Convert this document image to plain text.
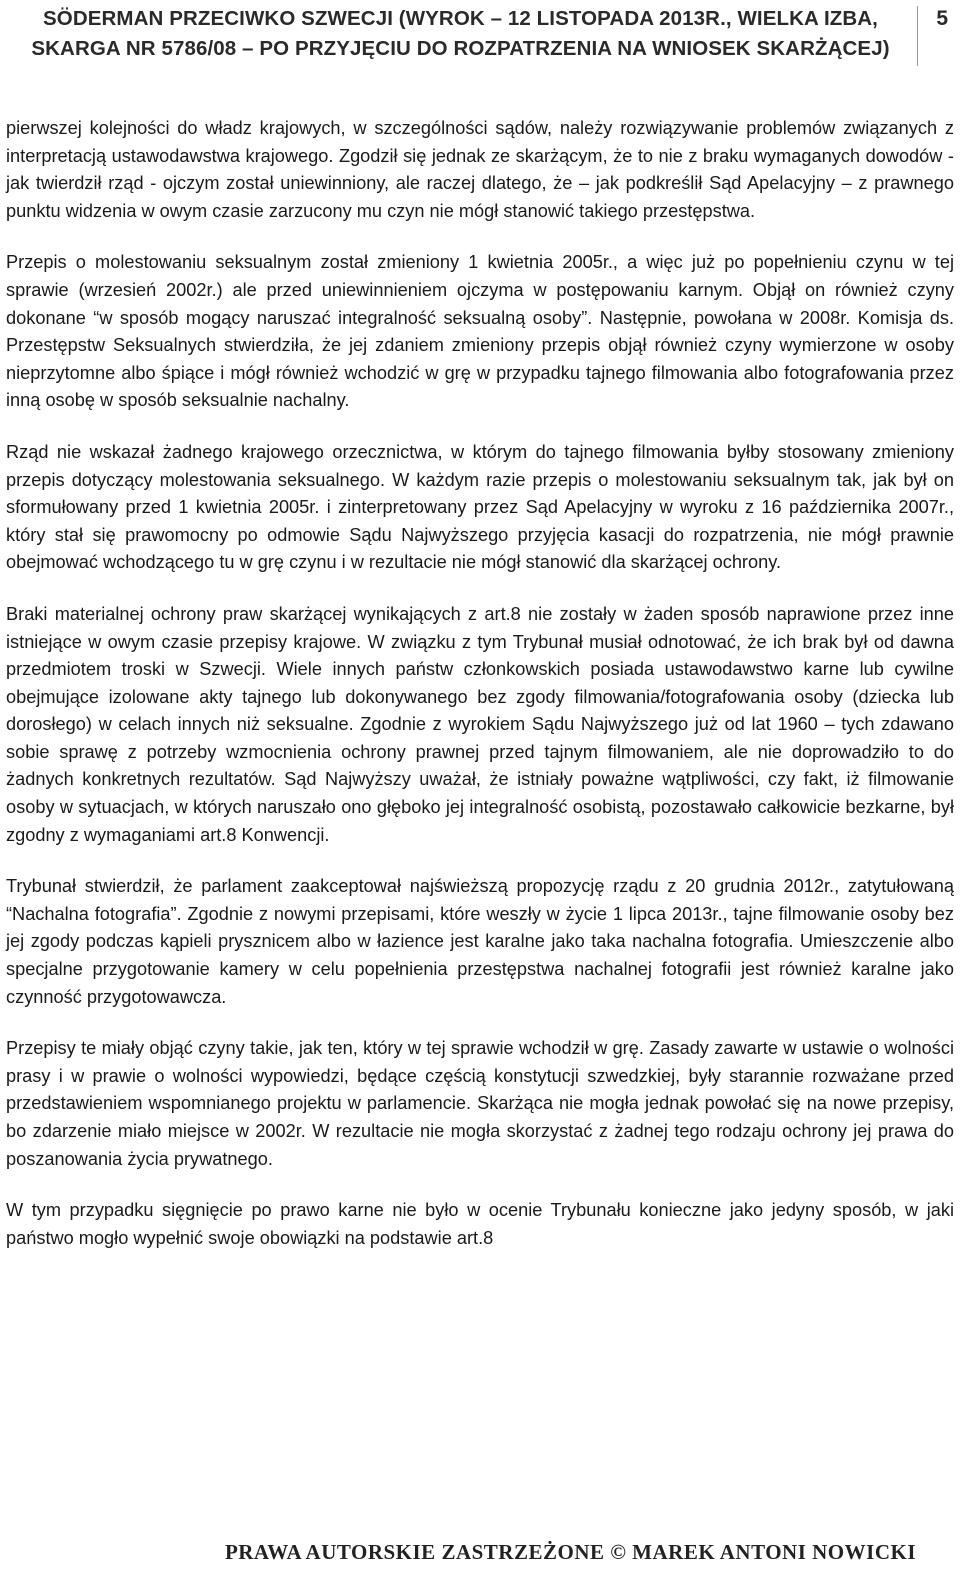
SÖDERMAN PRZECIWKO SZWECJI (WYROK – 12 LISTOPADA 2013R., WIELKA IZBA,
SKARGA NR 5786/08 – PO PRZYJĘCIU DO ROZPATRZENIA NA WNIOSEK SKARŻĄCEJ)
5

pierwszej kolejności do władz krajowych, w szczególności sądów, należy rozwiązywanie problemów związanych z interpretacją ustawodawstwa krajowego. Zgodził się jednak ze skarżącym, że to nie z braku wymaganych dowodów - jak twierdził rząd - ojczym został uniewinniony, ale raczej dlatego, że – jak podkreślił Sąd Apelacyjny – z prawnego punktu widzenia w owym czasie zarzucony mu czyn nie mógł stanowić takiego przestępstwa.

Przepis o molestowaniu seksualnym został zmieniony 1 kwietnia 2005r., a więc już po popełnieniu czynu w tej sprawie (wrzesień 2002r.) ale przed uniewinnieniem ojczyma w postępowaniu karnym. Objął on również czyny dokonane “w sposób mogący naruszać integralność seksualną osoby”. Następnie, powołana w 2008r. Komisja ds. Przestępstw Seksualnych stwierdziła, że jej zdaniem zmieniony przepis objął również czyny wymierzone w osoby nieprzytomne albo śpiące i mógł również wchodzić w grę w przypadku tajnego filmowania albo fotografowania przez inną osobę w sposób seksualnie nachalny.

Rząd nie wskazał żadnego krajowego orzecznictwa, w którym do tajnego filmowania byłby stosowany zmieniony przepis dotyczący molestowania seksualnego. W każdym razie przepis o molestowaniu seksualnym tak, jak był on sformułowany przed 1 kwietnia 2005r. i zinterpretowany przez Sąd Apelacyjny w wyroku z 16 października 2007r., który stał się prawomocny po odmowie Sądu Najwyższego przyjęcia kasacji do rozpatrzenia, nie mógł prawnie obejmować wchodzącego tu w grę czynu i w rezultacie nie mógł stanowić dla skarżącej ochrony.

Braki materialnej ochrony praw skarżącej wynikających z art.8 nie zostały w żaden sposób naprawione przez inne istniejące w owym czasie przepisy krajowe. W związku z tym Trybunał musiał odnotować, że ich brak był od dawna przedmiotem troski w Szwecji. Wiele innych państw członkowskich posiada ustawodawstwo karne lub cywilne obejmujące izolowane akty tajnego lub dokonywanego bez zgody filmowania/fotografowania osoby (dziecka lub dorosłego) w celach innych niż seksualne. Zgodnie z wyrokiem Sądu Najwyższego już od lat 1960 – tych zdawano sobie sprawę z potrzeby wzmocnienia ochrony prawnej przed tajnym filmowaniem, ale nie doprowadziło to do żadnych konkretnych rezultatów. Sąd Najwyższy uważał, że istniały poważne wątpliwości, czy fakt, iż filmowanie osoby w sytuacjach, w których naruszało ono głęboko jej integralność osobistą, pozostawało całkowicie bezkarne, był zgodny z wymaganiami art.8 Konwencji.

Trybunał stwierdził, że parlament zaakceptował najświeższą propozycję rządu z 20 grudnia 2012r., zatytułowaną “Nachalna fotografia”. Zgodnie z nowymi przepisami, które weszły w życie 1 lipca 2013r., tajne filmowanie osoby bez jej zgody podczas kąpieli prysznicem albo w łazience jest karalne jako taka nachalna fotografia. Umieszczenie albo specjalne przygotowanie kamery w celu popełnienia przestępstwa nachalnej fotografii jest również karalne jako czynność przygotowawcza.

Przepisy te miały objąć czyny takie, jak ten, który w tej sprawie wchodził w grę. Zasady zawarte w ustawie o wolności prasy i w prawie o wolności wypowiedzi, będące częścią konstytucji szwedzkiej, były starannie rozważane przed przedstawieniem wspomnianego projektu w parlamencie. Skarżąca nie mogła jednak powołać się na nowe przepisy, bo zdarzenie miało miejsce w 2002r. W rezultacie nie mogła skorzystać z żadnej tego rodzaju ochrony jej prawa do poszanowania życia prywatnego.

W tym przypadku sięgnięcie po prawo karne nie było w ocenie Trybunału konieczne jako jedyny sposób, w jaki państwo mogło wypełnić swoje obowiązki na podstawie art.8

PRAWA AUTORSKIE ZASTRZEŻONE © MAREK ANTONI NOWICKI
